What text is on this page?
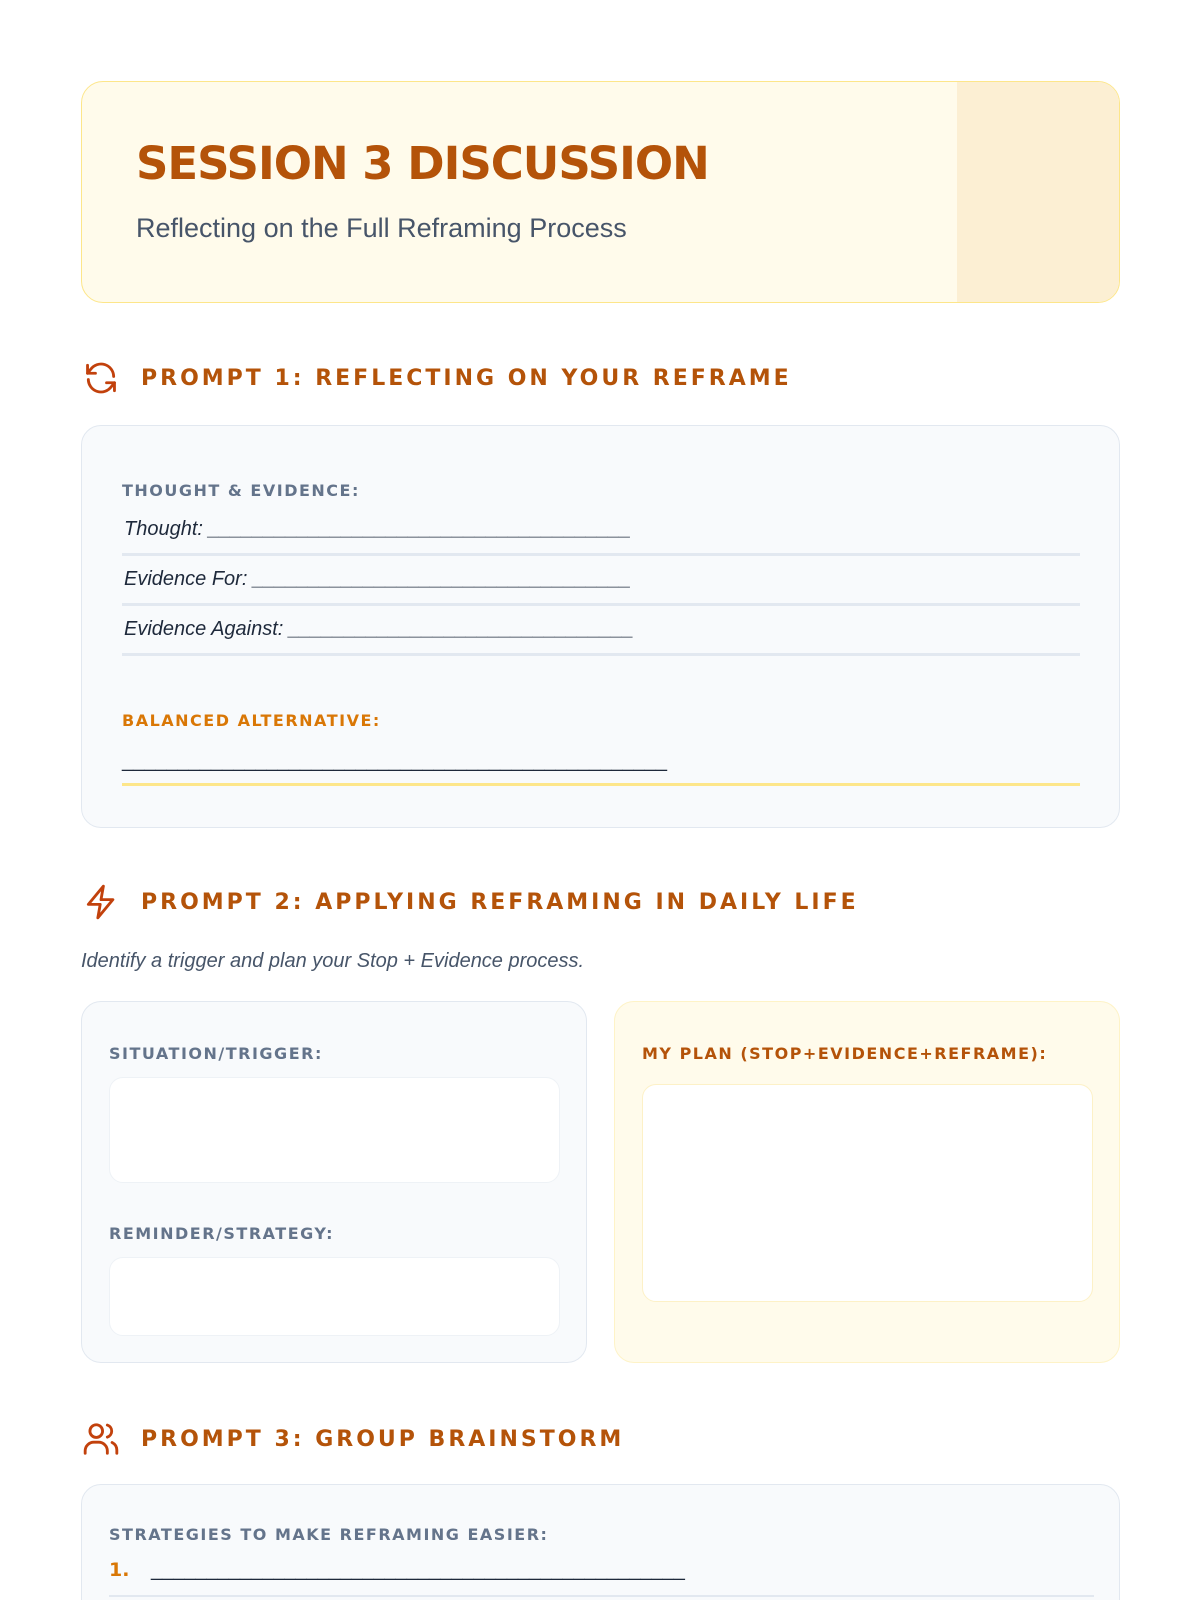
SESSION 3 DISCUSSION
Reflecting on the Full Reframing Process
PROMPT 1: REFLECTING ON YOUR REFRAME
THOUGHT & EVIDENCE:
Thought: ______________________________________
Evidence For: __________________________________
Evidence Against: _______________________________
BALANCED ALTERNATIVE:
_________________________________________________
PROMPT 2: APPLYING REFRAMING IN DAILY LIFE
Identify a trigger and plan your Stop + Evidence process.
SITUATION/TRIGGER:
REMINDER/STRATEGY:
MY PLAN (STOP+EVIDENCE+REFRAME):
PROMPT 3: GROUP BRAINSTORM
STRATEGIES TO MAKE REFRAMING EASIER:
1. ________________________________________________
